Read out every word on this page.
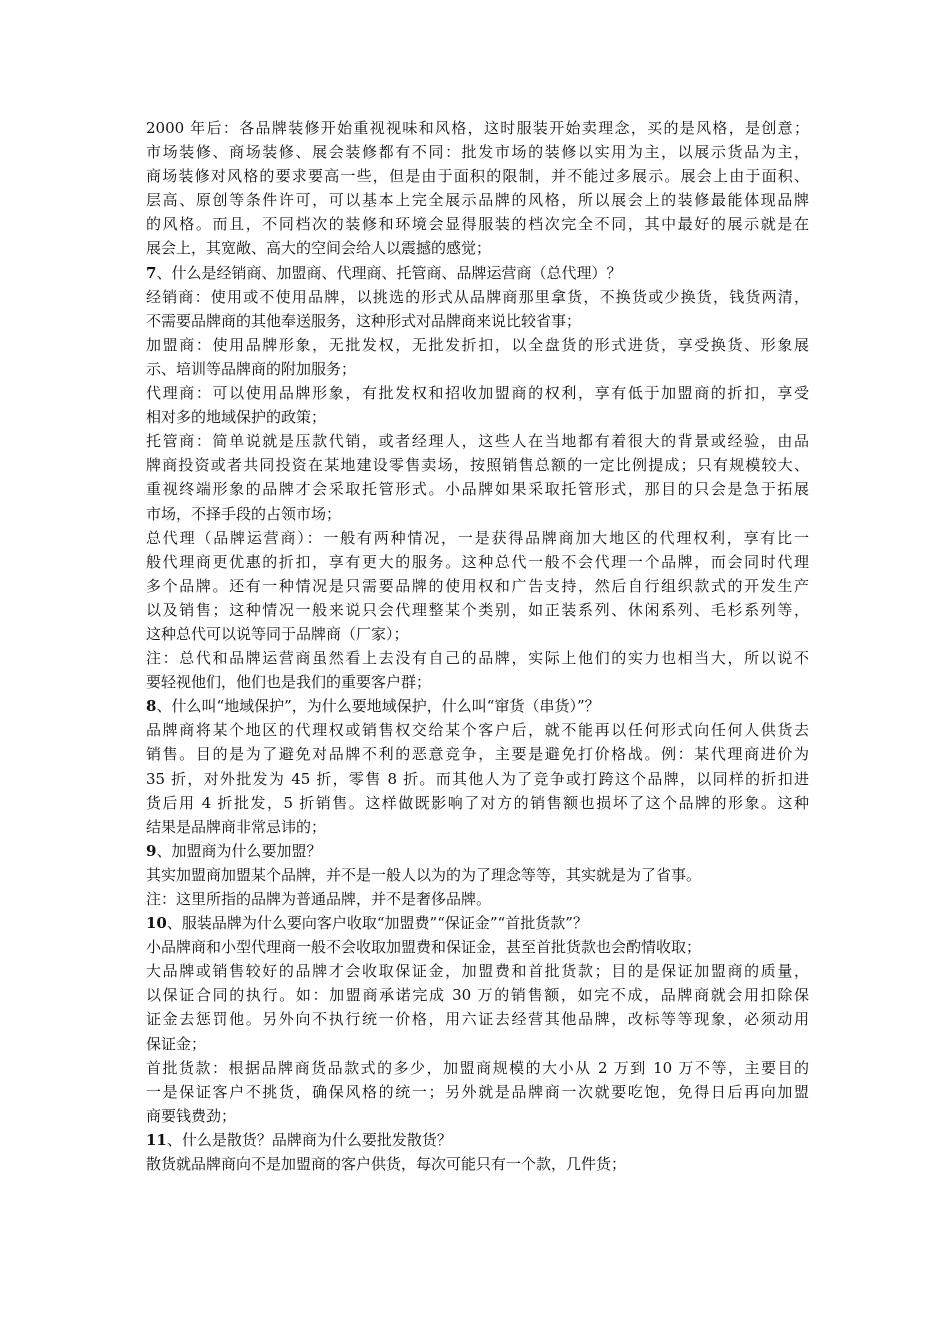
2000 年后：各品牌装修开始重视视味和风格，这时服装开始卖理念，买的是风格，是创意；
市场装修、商场装修、展会装修都有不同：批发市场的装修以实用为主，以展示货品为主，
商场装修对风格的要求要高一些，但是由于面积的限制，并不能过多展示。展会上由于面积、
层高、原创等条件许可，可以基本上完全展示品牌的风格，所以展会上的装修最能体现品牌
的风格。而且，不同档次的装修和环境会显得服装的档次完全不同，其中最好的展示就是在
展会上，其宽敞、高大的空间会给人以震撼的感觉；
7、什么是经销商、加盟商、代理商、托管商、品牌运营商（总代理）？
经销商：使用或不使用品牌，以挑选的形式从品牌商那里拿货，不换货或少换货，钱货两清，
不需要品牌商的其他奉送服务，这种形式对品牌商来说比较省事；
加盟商：使用品牌形象，无批发权，无批发折扣，以全盘货的形式进货，享受换货、形象展
示、培训等品牌商的附加服务；
代理商：可以使用品牌形象，有批发权和招收加盟商的权利，享有低于加盟商的折扣，享受
相对多的地域保护的政策；
托管商：简单说就是压款代销，或者经理人，这些人在当地都有着很大的背景或经验，由品
牌商投资或者共同投资在某地建设零售卖场，按照销售总额的一定比例提成；只有规模较大、
重视终端形象的品牌才会采取托管形式。小品牌如果采取托管形式，那目的只会是急于拓展
市场，不择手段的占领市场；
总代理（品牌运营商）：一般有两种情况，一是获得品牌商加大地区的代理权利，享有比一
般代理商更优惠的折扣，享有更大的服务。这种总代一般不会代理一个品牌，而会同时代理
多个品牌。还有一种情况是只需要品牌的使用权和广告支持，然后自行组织款式的开发生产
以及销售；这种情况一般来说只会代理整某个类别，如正装系列、休闲系列、毛杉系列等，
这种总代可以说等同于品牌商（厂家）；
注：总代和品牌运营商虽然看上去没有自己的品牌，实际上他们的实力也相当大，所以说不
要轻视他们，他们也是我们的重要客户群；
8、什么叫“地域保护”，为什么要地域保护，什么叫“窜货（串货）”？
品牌商将某个地区的代理权或销售权交给某个客户后，就不能再以任何形式向任何人供货去
销售。目的是为了避免对品牌不利的恶意竞争，主要是避免打价格战。例：某代理商进价为
35 折，对外批发为 45 折，零售 8 折。而其他人为了竞争或打跨这个品牌，以同样的折扣进
货后用 4 折批发，5 折销售。这样做既影响了对方的销售额也损坏了这个品牌的形象。这种
结果是品牌商非常忌讳的；
9、加盟商为什么要加盟？
其实加盟商加盟某个品牌，并不是一般人以为的为了理念等等，其实就是为了省事。
注：这里所指的品牌为普通品牌，并不是奢侈品牌。
10、服装品牌为什么要向客户收取“加盟费”“保证金”“首批货款”？
小品牌商和小型代理商一般不会收取加盟费和保证金，甚至首批货款也会酌情收取；
大品牌或销售较好的品牌才会收取保证金，加盟费和首批货款；目的是保证加盟商的质量，
以保证合同的执行。如：加盟商承诺完成 30 万的销售额，如完不成，品牌商就会用扣除保
证金去惩罚他。另外向不执行统一价格，用六证去经营其他品牌，改标等等现象，必须动用
保证金；
首批货款：根据品牌商货品款式的多少，加盟商规模的大小从 2 万到 10 万不等，主要目的
一是保证客户不挑货，确保风格的统一；另外就是品牌商一次就要吃饱，免得日后再向加盟
商要钱费劲；
11、什么是散货？品牌商为什么要批发散货？
散货就品牌商向不是加盟商的客户供货，每次可能只有一个款，几件货；
